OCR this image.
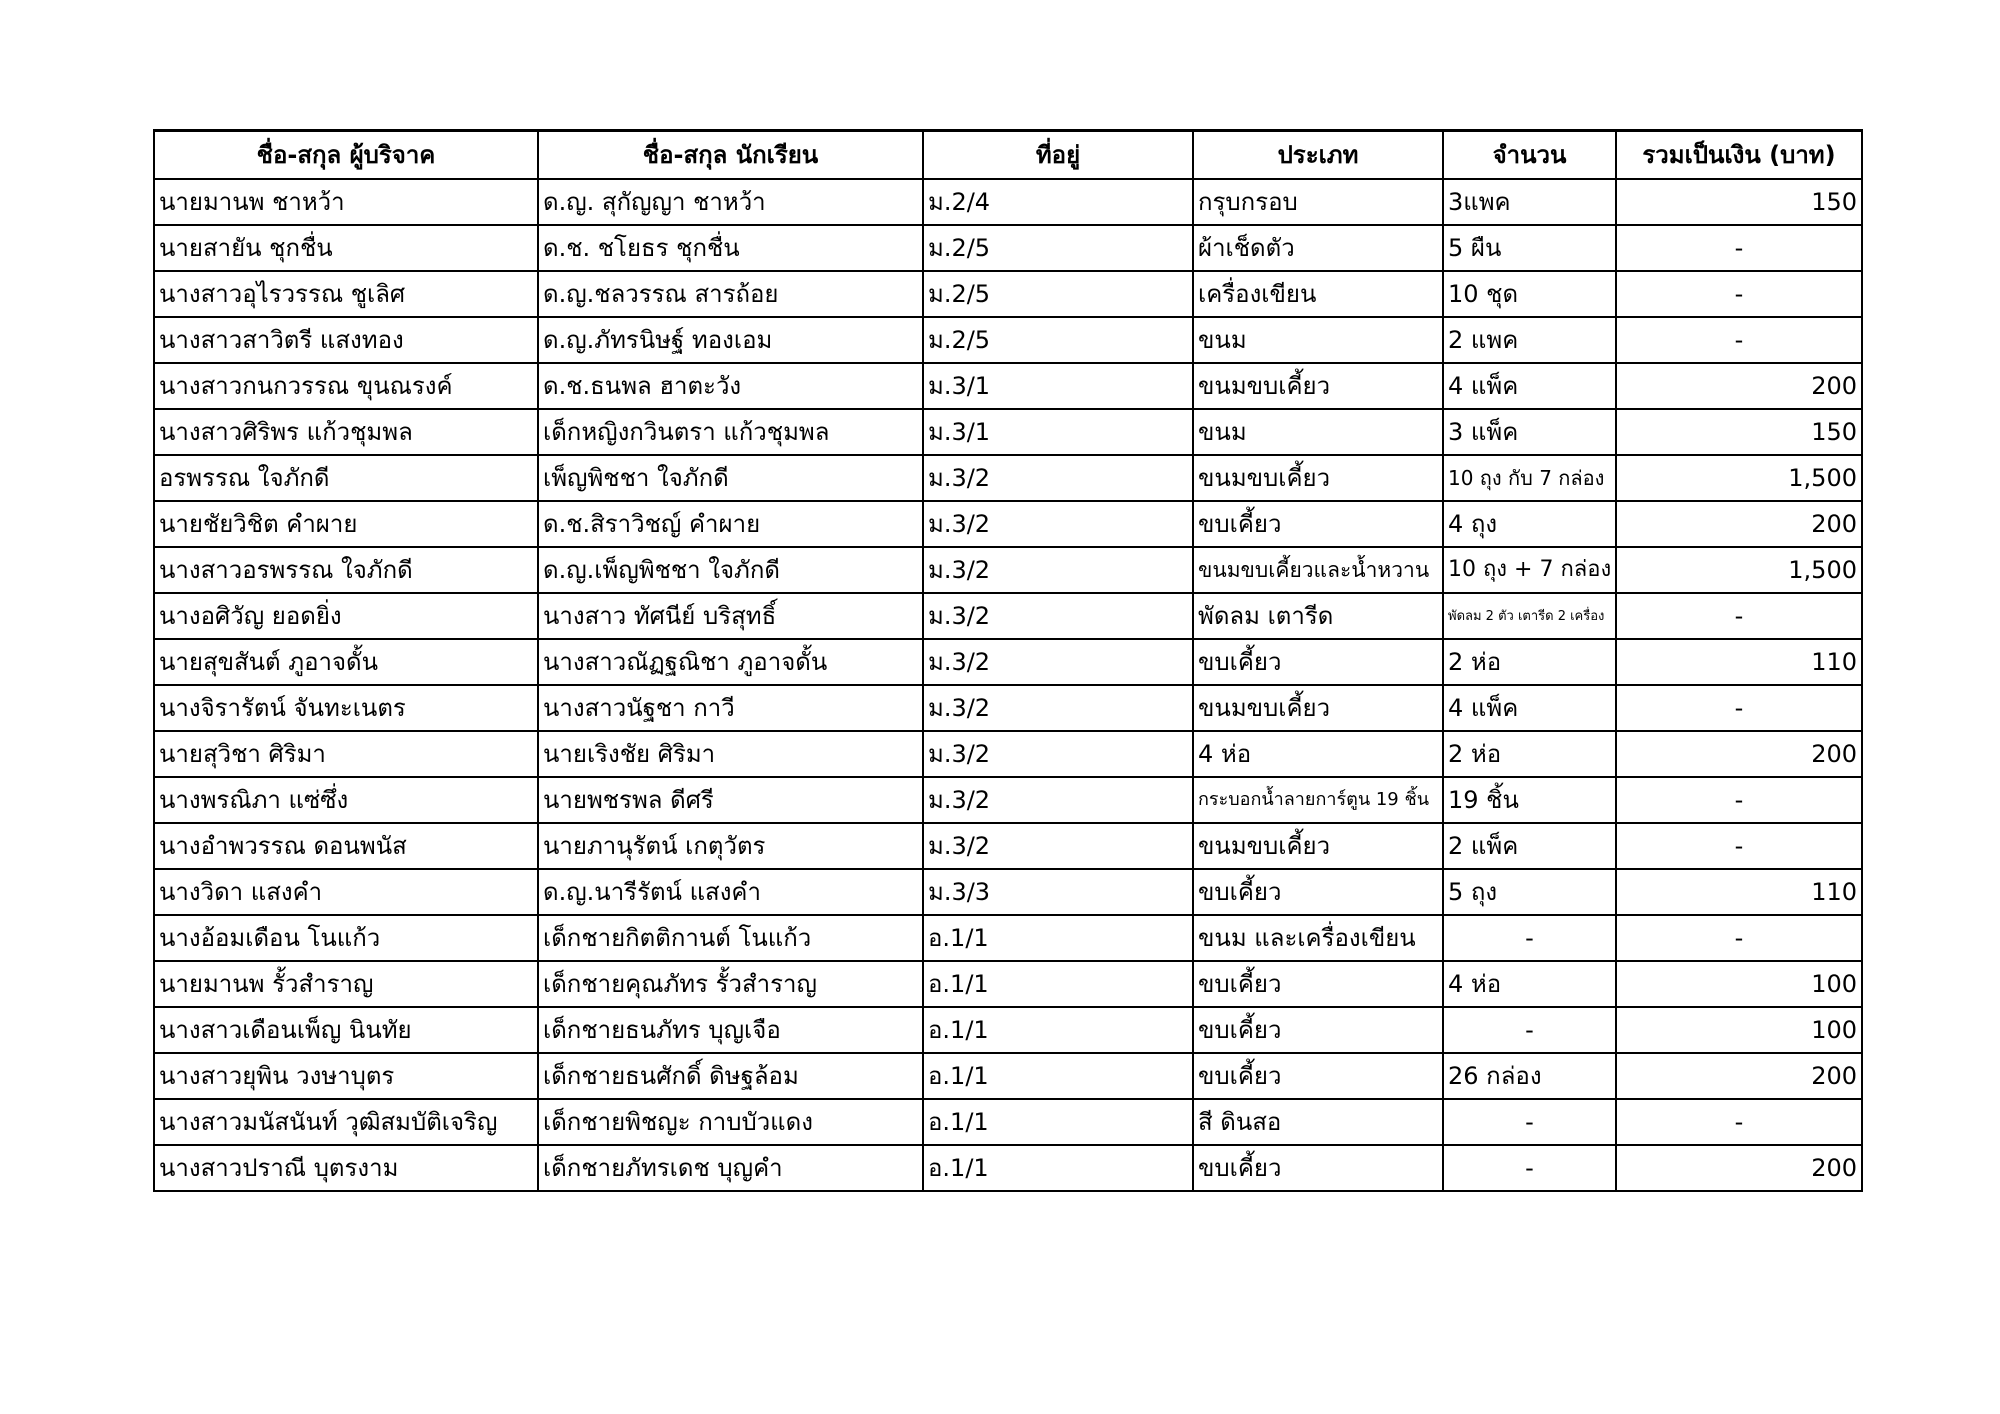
ชื่อ-สกุล ผู้บริจาค	ชื่อ-สกุล นักเรียน	ที่อยู่	ประเภท	จำนวน	รวมเป็นเงิน (บาท)
นายมานพ ชาหว้า	ด.ญ. สุกัญญา ชาหว้า	ม.2/4	กรุบกรอบ	3แพค	150
นายสายัน ชุกชื่น	ด.ช. ชโยธร ชุกชื่น	ม.2/5	ผ้าเช็ดตัว	5 ผืน	-
นางสาวอุไรวรรณ ชูเลิศ	ด.ญ.ชลวรรณ สารถ้อย	ม.2/5	เครื่องเขียน	10 ชุด	-
นางสาวสาวิตรี แสงทอง	ด.ญ.ภัทรนิษฐ์ ทองเอม	ม.2/5	ขนม	2 แพค	-
นางสาวกนกวรรณ ขุนณรงค์	ด.ช.ธนพล ฮาตะวัง	ม.3/1	ขนมขบเคี้ยว	4 แพ็ค	200
นางสาวศิริพร แก้วชุมพล	เด็กหญิงกวินตรา แก้วชุมพล	ม.3/1	ขนม	3 แพ็ค	150
อรพรรณ ใจภักดี	เพ็ญพิชชา ใจภักดี	ม.3/2	ขนมขบเคี้ยว	10 ถุง กับ 7 กล่อง	1,500
นายชัยวิชิต คำผาย	ด.ช.สิราวิชญ์ คำผาย	ม.3/2	ขบเคี้ยว	4 ถุง	200
นางสาวอรพรรณ ใจภักดี	ด.ญ.เพ็ญพิชชา ใจภักดี	ม.3/2	ขนมขบเคี้ยวและน้ำหวาน	10 ถุง + 7 กล่อง	1,500
นางอศิวัญ ยอดยิ่ง	นางสาว ทัศนีย์ บริสุทธิ์	ม.3/2	พัดลม เตารีด	พัดลม 2 ตัว เตารีด 2 เครื่อง	-
นายสุขสันต์ ภูอาจดั้น	นางสาวณัฏฐณิชา ภูอาจดั้น	ม.3/2	ขบเคี้ยว	2 ห่อ	110
นางจิรารัตน์ จันทะเนตร	นางสาวนัฐชา กาวี	ม.3/2	ขนมขบเคี้ยว	4 แพ็ค	-
นายสุวิชา ศิริมา	นายเริงชัย ศิริมา	ม.3/2	4 ห่อ	2 ห่อ	200
นางพรณิภา แซ่ซึ่ง	นายพชรพล ดีศรี	ม.3/2	กระบอกน้ำลายการ์ตูน 19 ชิ้น	19 ชิ้น	-
นางอำพวรรณ ดอนพนัส	นายภานุรัตน์ เกตุวัตร	ม.3/2	ขนมขบเคี้ยว	2 แพ็ค	-
นางวิดา แสงคำ	ด.ญ.นารีรัตน์ แสงคำ	ม.3/3	ขบเคี้ยว	5 ถุง	110
นางอ้อมเดือน โนแก้ว	เด็กชายกิตติกานต์ โนแก้ว	อ.1/1	ขนม และเครื่องเขียน	-	-
นายมานพ รั้วสำราญ	เด็กชายคุณภัทร รั้วสำราญ	อ.1/1	ขบเคี้ยว	4 ห่อ	100
นางสาวเดือนเพ็ญ นินทัย	เด็กชายธนภัทร บุญเจือ	อ.1/1	ขบเคี้ยว	-	100
นางสาวยุพิน วงษาบุตร	เด็กชายธนศักดิ์ ดิษฐล้อม	อ.1/1	ขบเคี้ยว	26 กล่อง	200
นางสาวมนัสนันท์ วุฒิสมบัติเจริญ	เด็กชายพิชญะ กาบบัวแดง	อ.1/1	สี ดินสอ	-	-
นางสาวปราณี บุตรงาม	เด็กชายภัทรเดช บุญคำ	อ.1/1	ขบเคี้ยว	-	200
